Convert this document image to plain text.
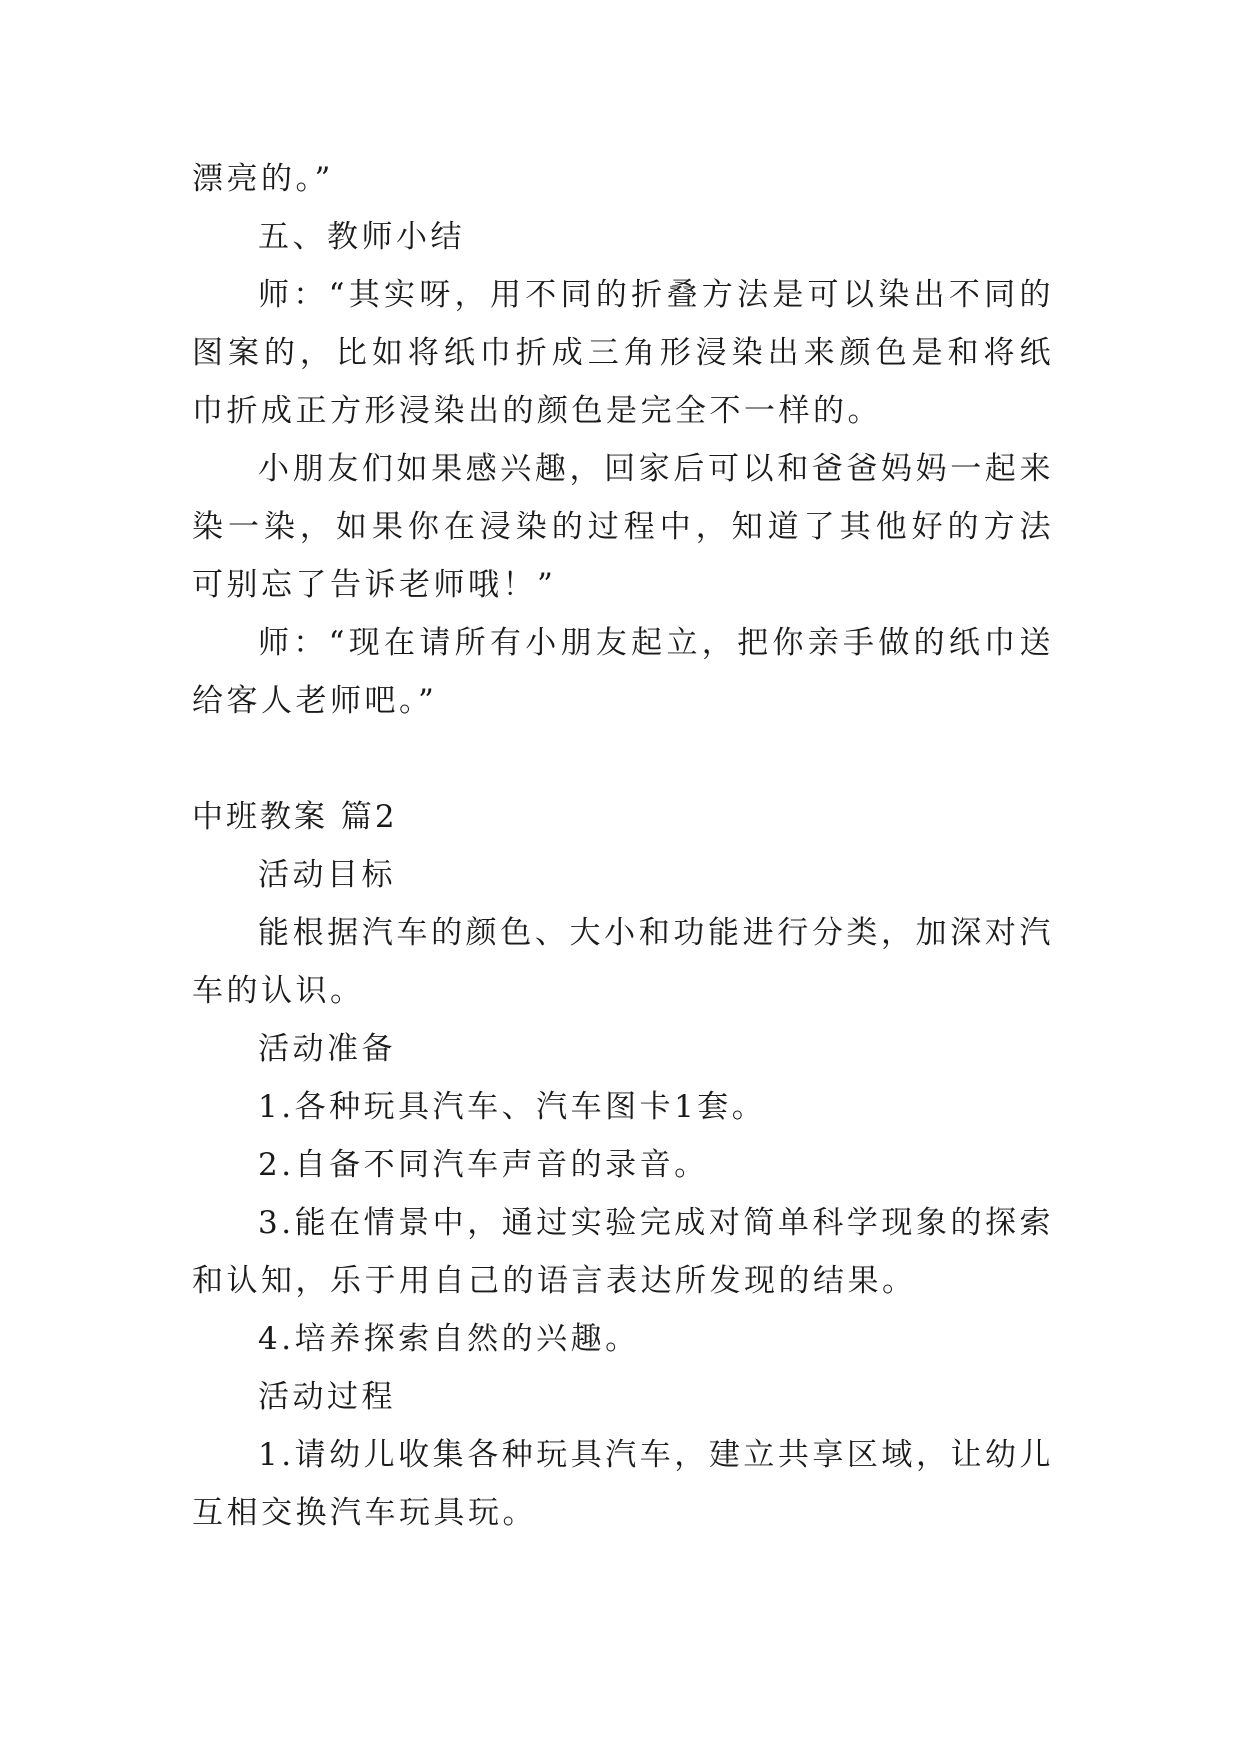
漂亮的。”

五、教师小结

师：“其实呀，用不同的折叠方法是可以染出不同的图案的，比如将纸巾折成三角形浸染出来颜色是和将纸巾折成正方形浸染出的颜色是完全不一样的。

小朋友们如果感兴趣，回家后可以和爸爸妈妈一起来染一染，如果你在浸染的过程中，知道了其他好的方法可别忘了告诉老师哦！”

师：“现在请所有小朋友起立，把你亲手做的纸巾送给客人老师吧。”

中班教案 篇2

活动目标

能根据汽车的颜色、大小和功能进行分类，加深对汽车的认识。

活动准备

1.各种玩具汽车、汽车图卡1套。

2.自备不同汽车声音的录音。

3.能在情景中，通过实验完成对简单科学现象的探索和认知，乐于用自己的语言表达所发现的结果。

4.培养探索自然的兴趣。

活动过程

1.请幼儿收集各种玩具汽车，建立共享区域，让幼儿互相交换汽车玩具玩。
